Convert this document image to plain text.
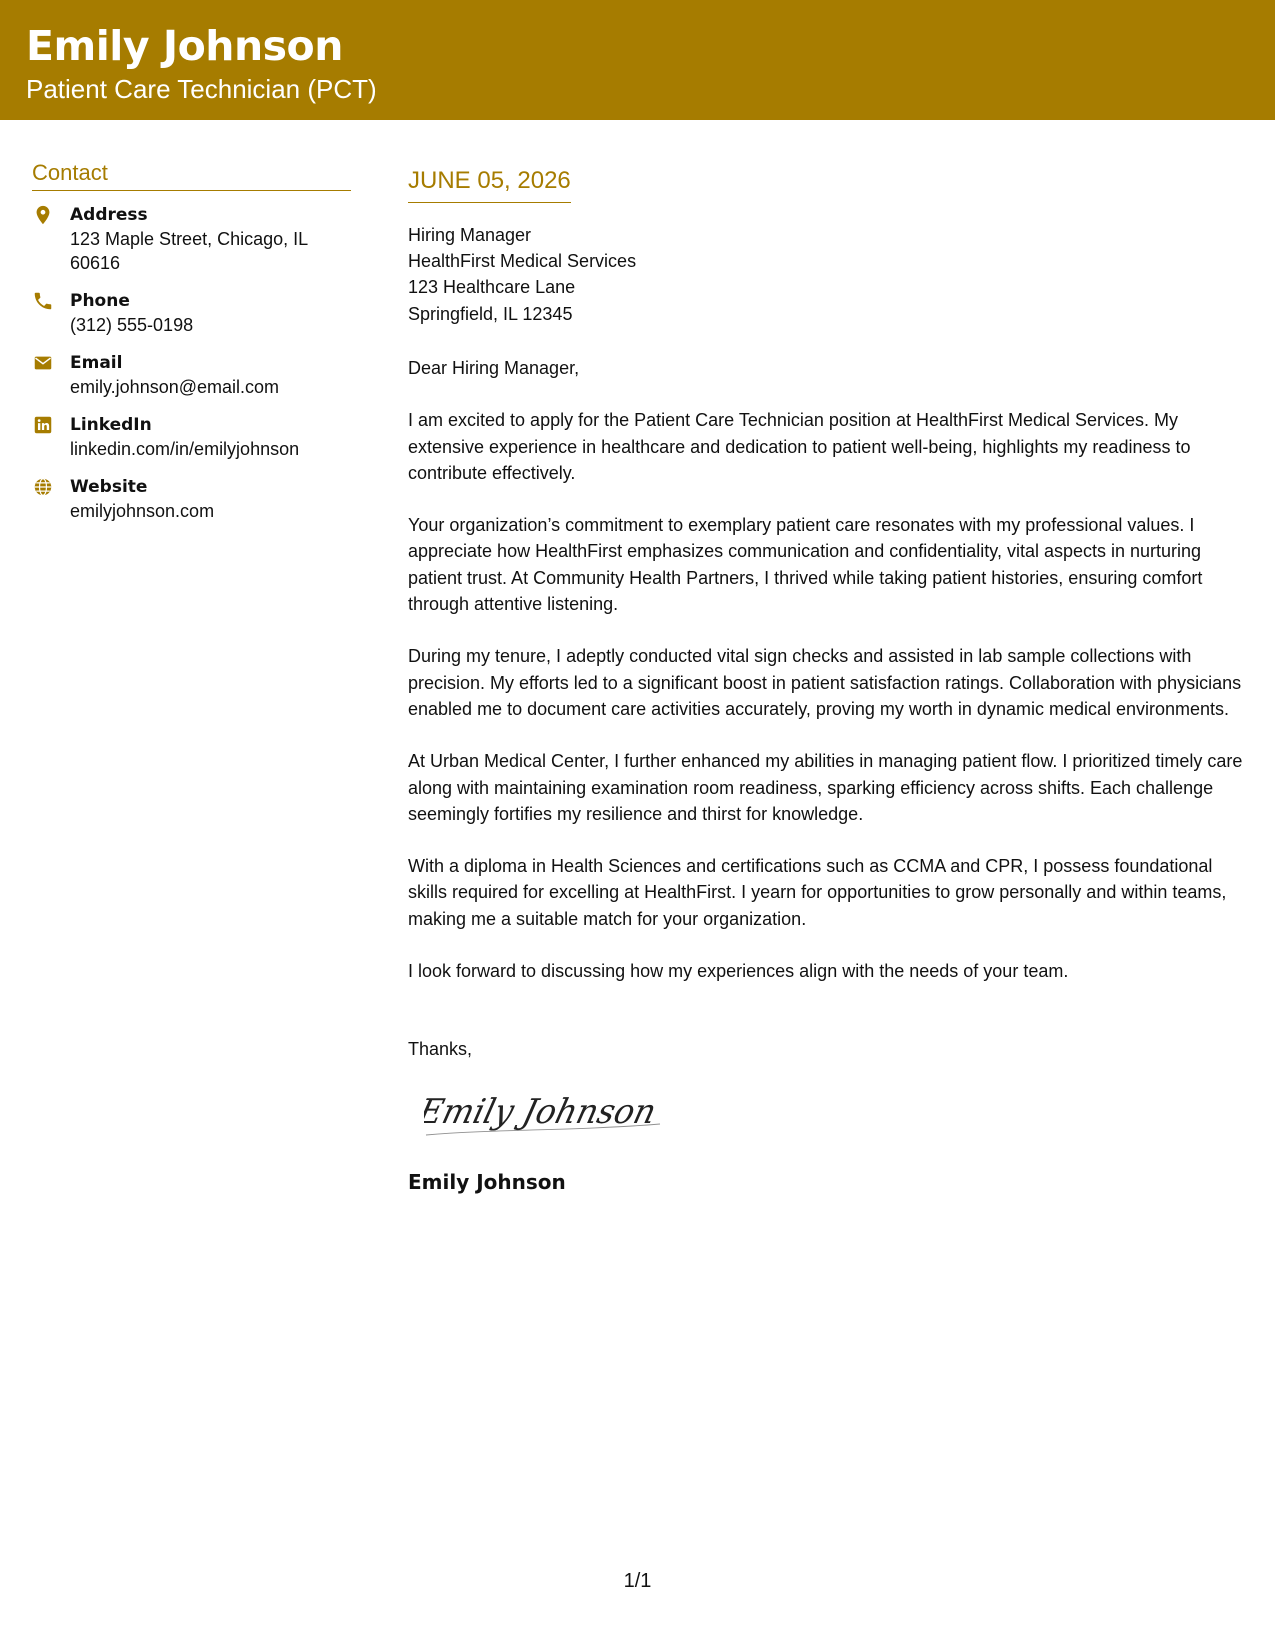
Emily Johnson
Patient Care Technician (PCT)
Contact
Address
123 Maple Street, Chicago, IL 60616
Phone
(312) 555-0198
Email
emily.johnson@email.com
LinkedIn
linkedin.com/in/emilyjohnson
Website
emilyjohnson.com
JUNE 05, 2026
Hiring Manager
HealthFirst Medical Services
123 Healthcare Lane
Springfield, IL 12345
Dear Hiring Manager,

I am excited to apply for the Patient Care Technician position at HealthFirst Medical Services. My extensive experience in healthcare and dedication to patient well-being, highlights my readiness to contribute effectively.

Your organization’s commitment to exemplary patient care resonates with my professional values. I appreciate how HealthFirst emphasizes communication and confidentiality, vital aspects in nurturing patient trust. At Community Health Partners, I thrived while taking patient histories, ensuring comfort through attentive listening.

During my tenure, I adeptly conducted vital sign checks and assisted in lab sample collections with precision. My efforts led to a significant boost in patient satisfaction ratings. Collaboration with physicians enabled me to document care activities accurately, proving my worth in dynamic medical environments.

At Urban Medical Center, I further enhanced my abilities in managing patient flow. I prioritized timely care along with maintaining examination room readiness, sparking efficiency across shifts. Each challenge seemingly fortifies my resilience and thirst for knowledge.

With a diploma in Health Sciences and certifications such as CCMA and CPR, I possess foundational skills required for excelling at HealthFirst. I yearn for opportunities to grow personally and within teams, making me a suitable match for your organization.

I look forward to discussing how my experiences align with the needs of your team.

Thanks,
Emily Johnson
Emily Johnson
1/1
